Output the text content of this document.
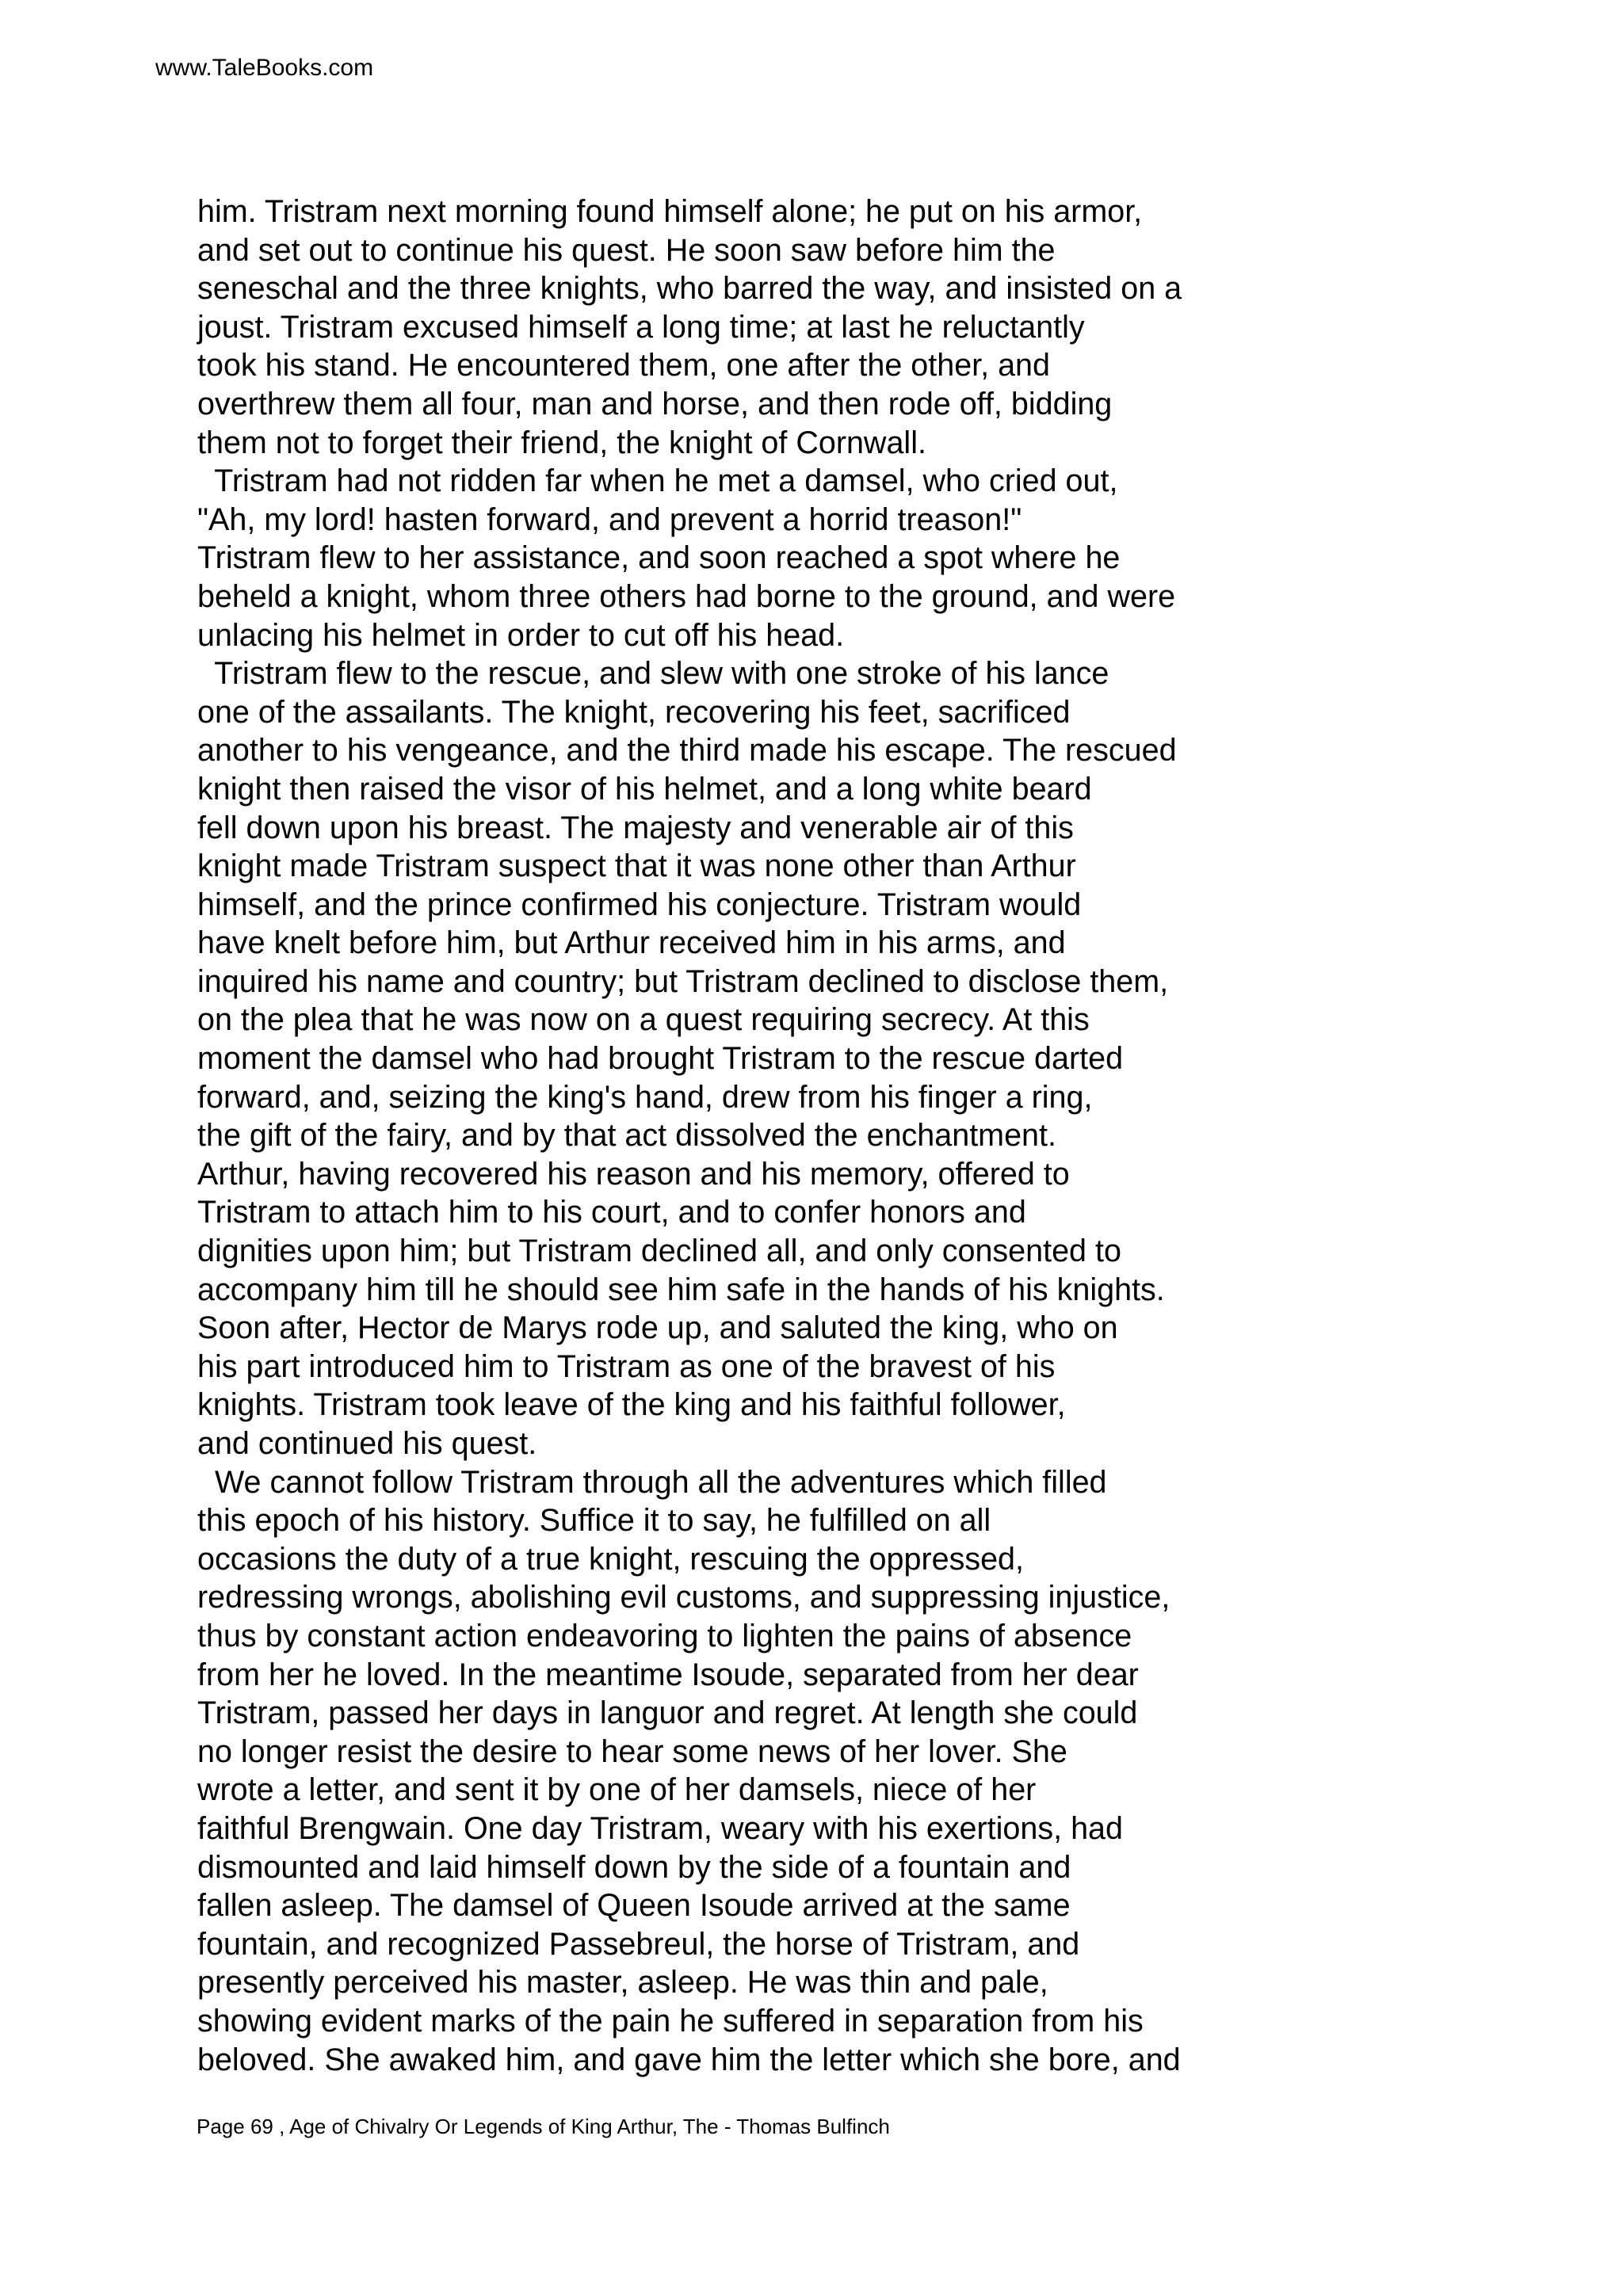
www.TaleBooks.com
him. Tristram next morning found himself alone; he put on his armor,
and set out to continue his quest. He soon saw before him the
seneschal and the three knights, who barred the way, and insisted on a
joust. Tristram excused himself a long time; at last he reluctantly
took his stand. He encountered them, one after the other, and
overthrew them all four, man and horse, and then rode off, bidding
them not to forget their friend, the knight of Cornwall.
Tristram had not ridden far when he met a damsel, who cried out,
"Ah, my lord! hasten forward, and prevent a horrid treason!"
Tristram flew to her assistance, and soon reached a spot where he
beheld a knight, whom three others had borne to the ground, and were
unlacing his helmet in order to cut off his head.
Tristram flew to the rescue, and slew with one stroke of his lance
one of the assailants. The knight, recovering his feet, sacrificed
another to his vengeance, and the third made his escape. The rescued
knight then raised the visor of his helmet, and a long white beard
fell down upon his breast. The majesty and venerable air of this
knight made Tristram suspect that it was none other than Arthur
himself, and the prince confirmed his conjecture. Tristram would
have knelt before him, but Arthur received him in his arms, and
inquired his name and country; but Tristram declined to disclose them,
on the plea that he was now on a quest requiring secrecy. At this
moment the damsel who had brought Tristram to the rescue darted
forward, and, seizing the king's hand, drew from his finger a ring,
the gift of the fairy, and by that act dissolved the enchantment.
Arthur, having recovered his reason and his memory, offered to
Tristram to attach him to his court, and to confer honors and
dignities upon him; but Tristram declined all, and only consented to
accompany him till he should see him safe in the hands of his knights.
Soon after, Hector de Marys rode up, and saluted the king, who on
his part introduced him to Tristram as one of the bravest of his
knights. Tristram took leave of the king and his faithful follower,
and continued his quest.
We cannot follow Tristram through all the adventures which filled
this epoch of his history. Suffice it to say, he fulfilled on all
occasions the duty of a true knight, rescuing the oppressed,
redressing wrongs, abolishing evil customs, and suppressing injustice,
thus by constant action endeavoring to lighten the pains of absence
from her he loved. In the meantime Isoude, separated from her dear
Tristram, passed her days in languor and regret. At length she could
no longer resist the desire to hear some news of her lover. She
wrote a letter, and sent it by one of her damsels, niece of her
faithful Brengwain. One day Tristram, weary with his exertions, had
dismounted and laid himself down by the side of a fountain and
fallen asleep. The damsel of Queen Isoude arrived at the same
fountain, and recognized Passebreul, the horse of Tristram, and
presently perceived his master, asleep. He was thin and pale,
showing evident marks of the pain he suffered in separation from his
beloved. She awaked him, and gave him the letter which she bore, and
Page 69 , Age of Chivalry Or Legends of King Arthur, The - Thomas Bulfinch
